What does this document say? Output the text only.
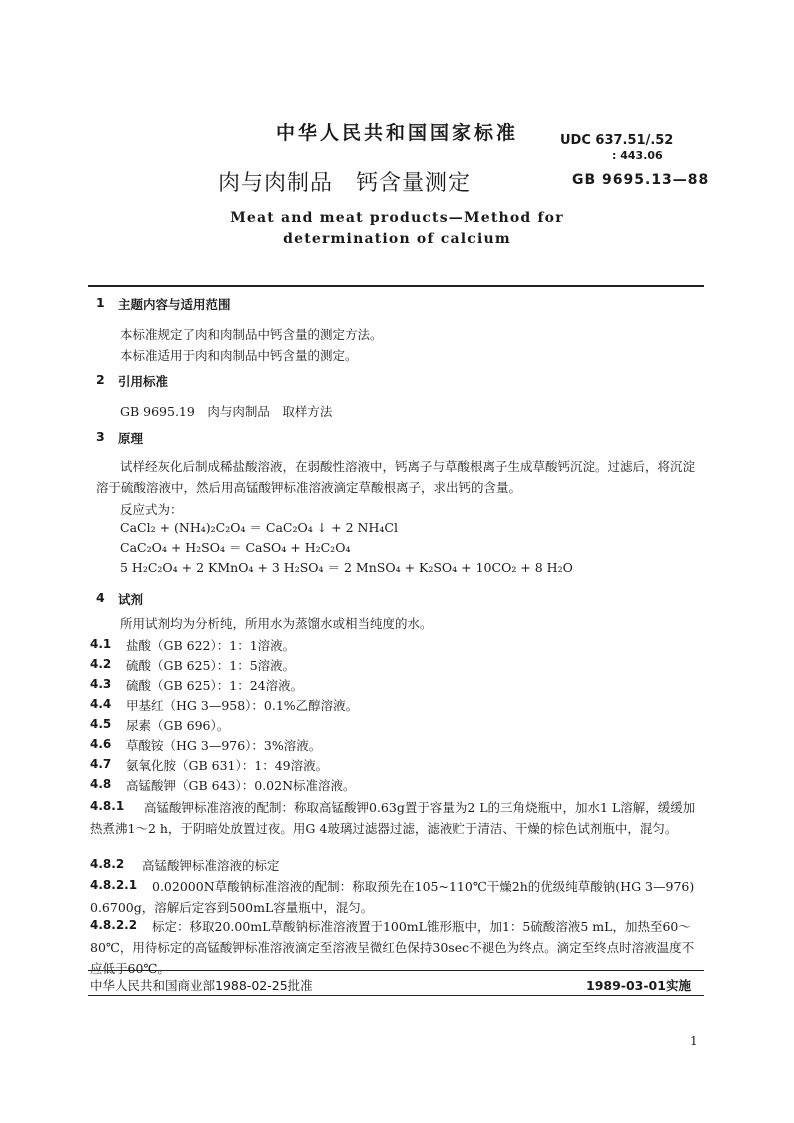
中华人民共和国国家标准	UDC 637.51/.52
: 443.06
肉与肉制品　钙含量测定	GB 9695.13—88
Meat and meat products—Method for
determination of calcium
1 主题内容与适用范围
本标准规定了肉和肉制品中钙含量的测定方法。
本标准适用于肉和肉制品中钙含量的测定。
2 引用标准
GB 9695.19　肉与肉制品　取样方法
3 原理
试样经灰化后制成稀盐酸溶液，在弱酸性溶液中，钙离子与草酸根离子生成草酸钙沉淀。过滤后，将沉淀溶于硫酸溶液中，然后用高锰酸钾标准溶液滴定草酸根离子，求出钙的含量。
反应式为：
CaCl₂ + (NH₄)₂C₂O₄ ＝ CaC₂O₄ ↓ + 2 NH₄Cl
CaC₂O₄ + H₂SO₄ ＝ CaSO₄ + H₂C₂O₄
5 H₂C₂O₄ + 2 KMnO₄ + 3 H₂SO₄ ＝ 2 MnSO₄ + K₂SO₄ + 10CO₂ + 8 H₂O
4 试剂
所用试剂均为分析纯，所用水为蒸馏水或相当纯度的水。
4.1 盐酸（GB 622）：1：1溶液。
4.2 硫酸（GB 625）：1：5溶液。
4.3 硫酸（GB 625）：1：24溶液。
4.4 甲基红（HG 3—958）：0.1%乙醇溶液。
4.5 尿素（GB 696）。
4.6 草酸铵（HG 3—976）：3%溶液。
4.7 氨氧化胺（GB 631）：1：49溶液。
4.8 高锰酸钾（GB 643）：0.02N标准溶液。
4.8.1	高锰酸钾标准溶液的配制：称取高锰酸钾0.63g置于容量为2 L的三角烧瓶中，加水1 L溶解，缓缓加热煮沸1～2 h，于阴暗处放置过夜。用G 4玻璃过滤器过滤，滤液贮于清洁、干燥的棕色试剂瓶中，混匀。
4.8.2 高锰酸钾标准溶液的标定
4.8.2.1	0.02000N草酸钠标准溶液的配制：称取预先在105~110℃干燥2h的优级纯草酸钠(HG 3—976) 0.6700g，溶解后定容到500mL容量瓶中，混匀。
4.8.2.2	标定：移取20.00mL草酸钠标准溶液置于100mL锥形瓶中，加1：5硫酸溶液5 mL，加热至60～80℃，用待标定的高锰酸钾标准溶液滴定至溶液呈微红色保持30sec不褪色为终点。滴定至终点时溶液温度不应低于60℃。
中华人民共和国商业部1988-02-25批准	1989-03-01实施
1
